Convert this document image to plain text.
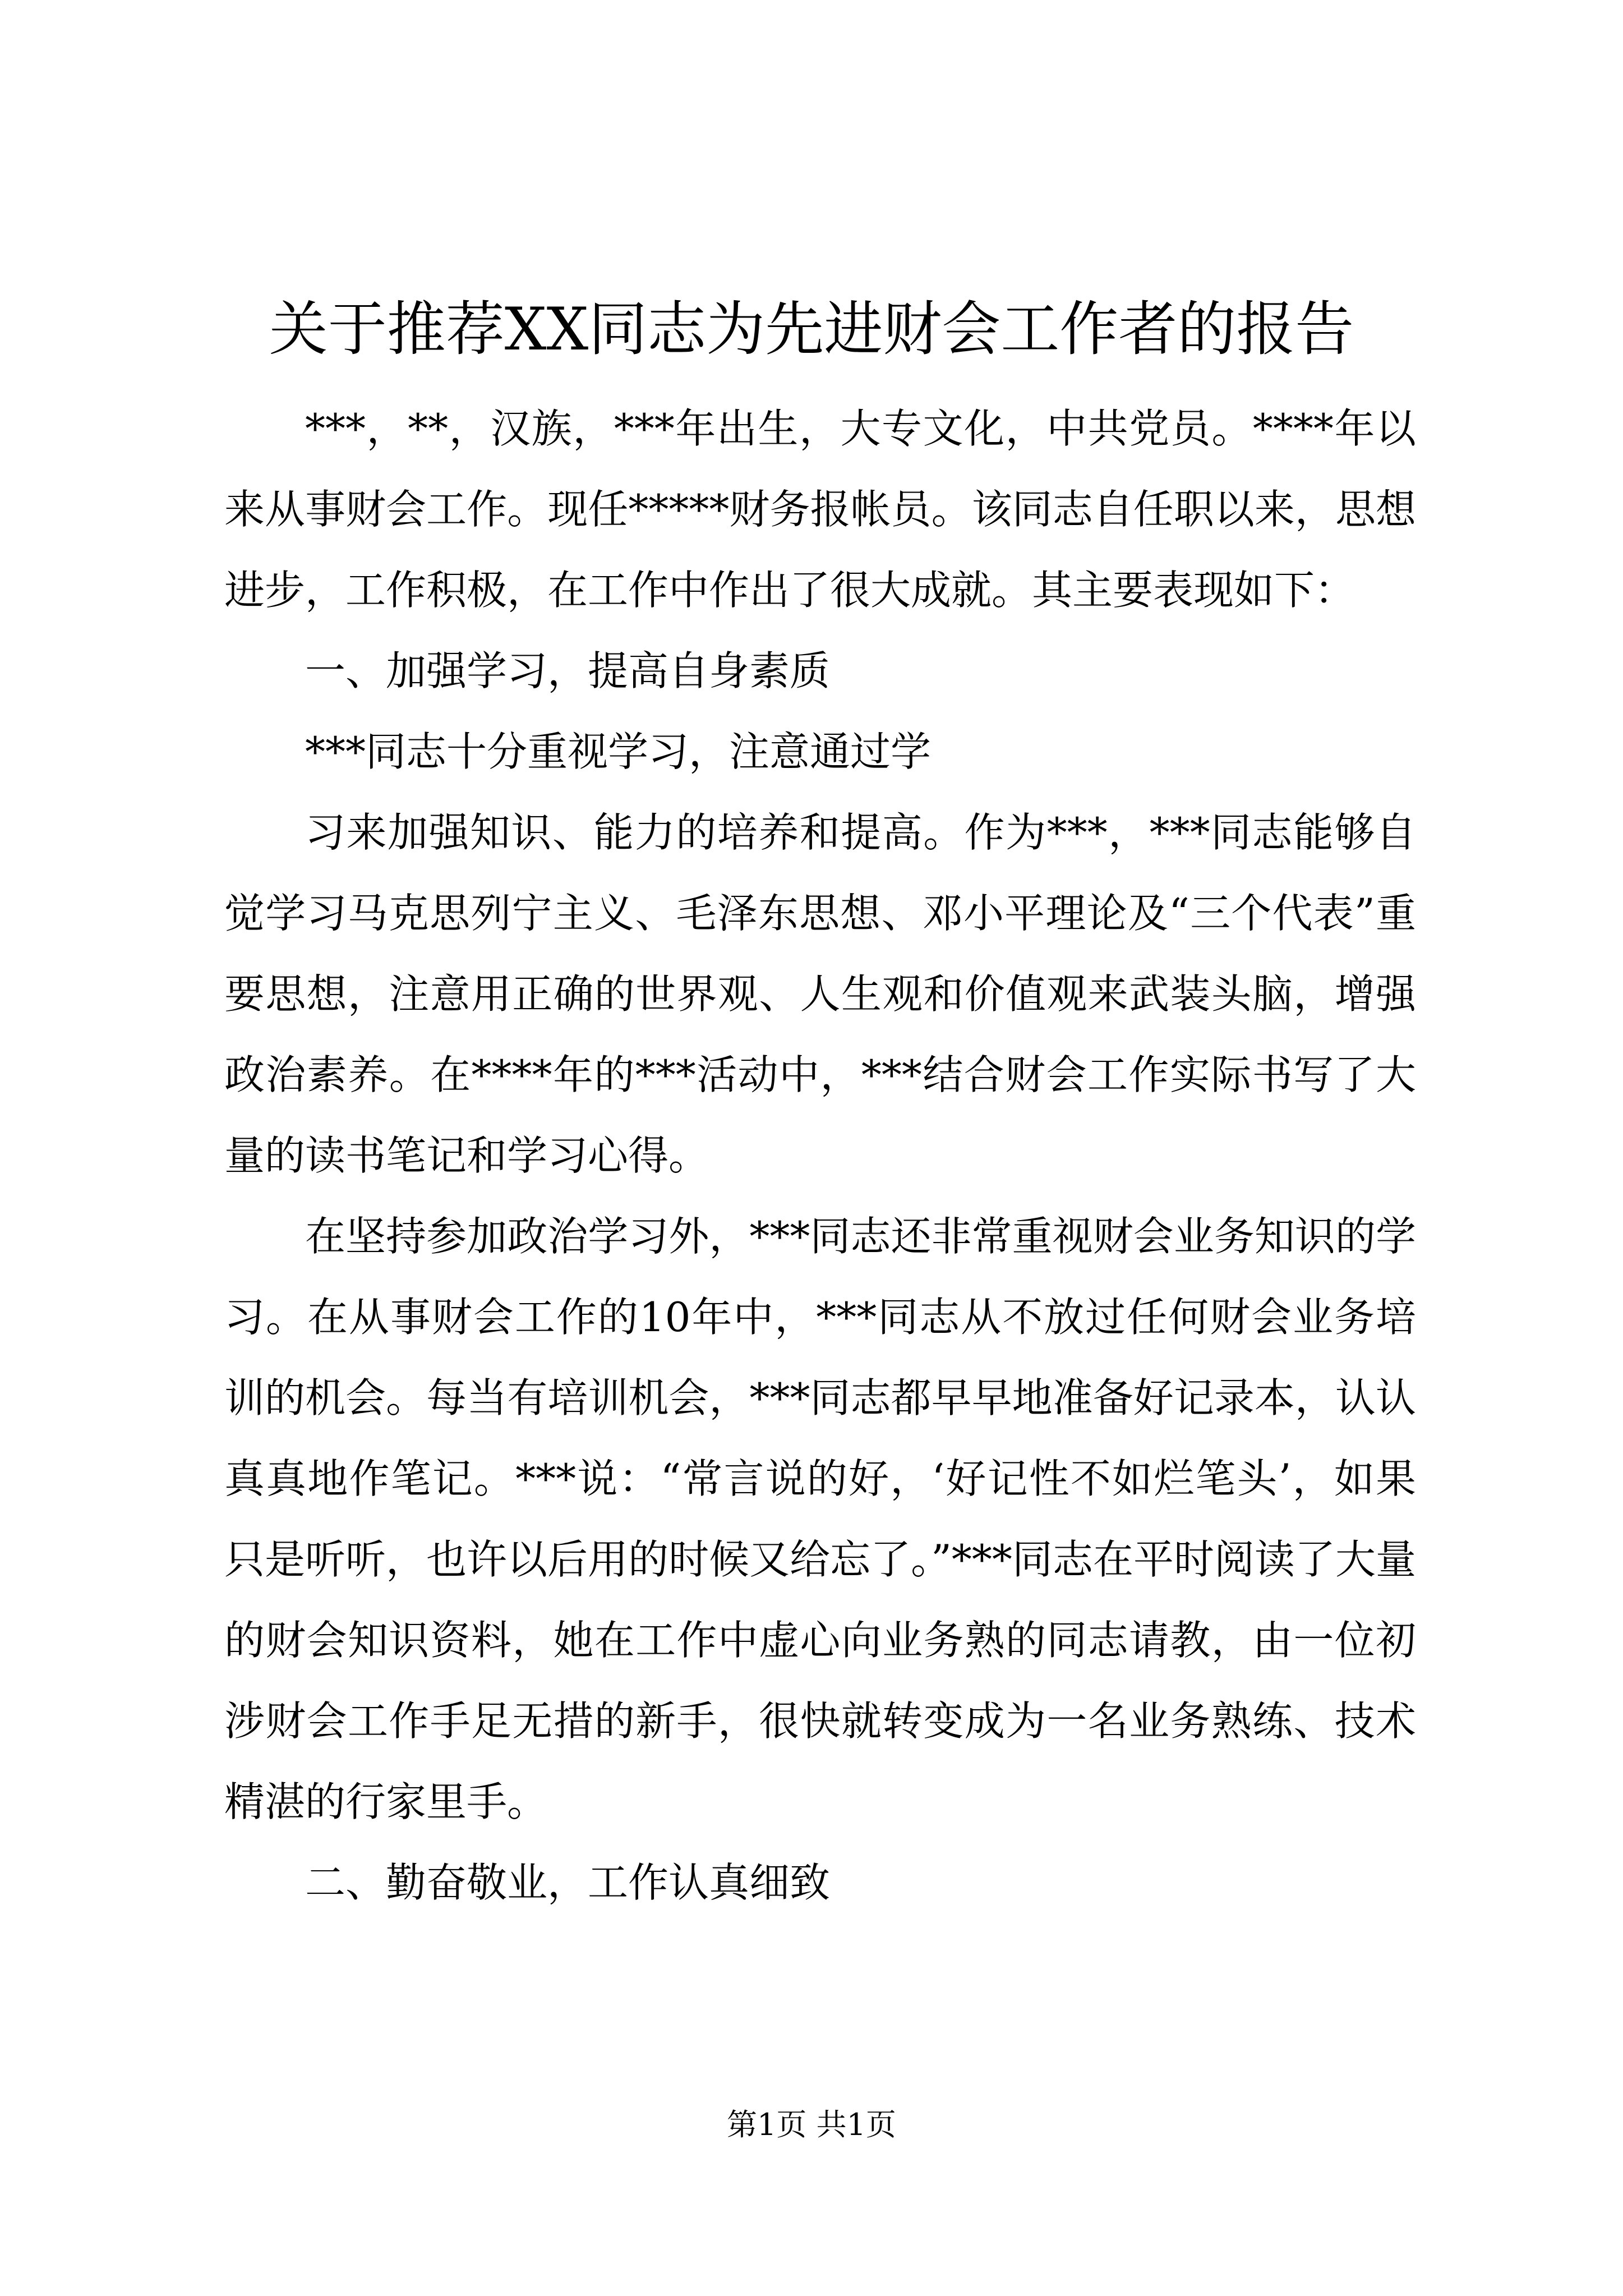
关于推荐XX同志为先进财会工作者的报告

***，**，汉族，***年出生，大专文化，中共党员。****年以来从事财会工作。现任*****财务报帐员。该同志自任职以来，思想进步，工作积极，在工作中作出了很大成就。其主要表现如下：

一、加强学习，提高自身素质

***同志十分重视学习，注意通过学

习来加强知识、能力的培养和提高。作为***，***同志能够自觉学习马克思列宁主义、毛泽东思想、邓小平理论及“三个代表”重要思想，注意用正确的世界观、人生观和价值观来武装头脑，增强政治素养。在****年的***活动中，***结合财会工作实际书写了大量的读书笔记和学习心得。

在坚持参加政治学习外，***同志还非常重视财会业务知识的学习。在从事财会工作的10年中，***同志从不放过任何财会业务培训的机会。每当有培训机会，***同志都早早地准备好记录本，认认真真地作笔记。***说：“常言说的好，‘好记性不如烂笔头’，如果只是听听，也许以后用的时候又给忘了。”***同志在平时阅读了大量的财会知识资料，她在工作中虚心向业务熟的同志请教，由一位初涉财会工作手足无措的新手，很快就转变成为一名业务熟练、技术精湛的行家里手。

二、勤奋敬业，工作认真细致

第1页 共1页
